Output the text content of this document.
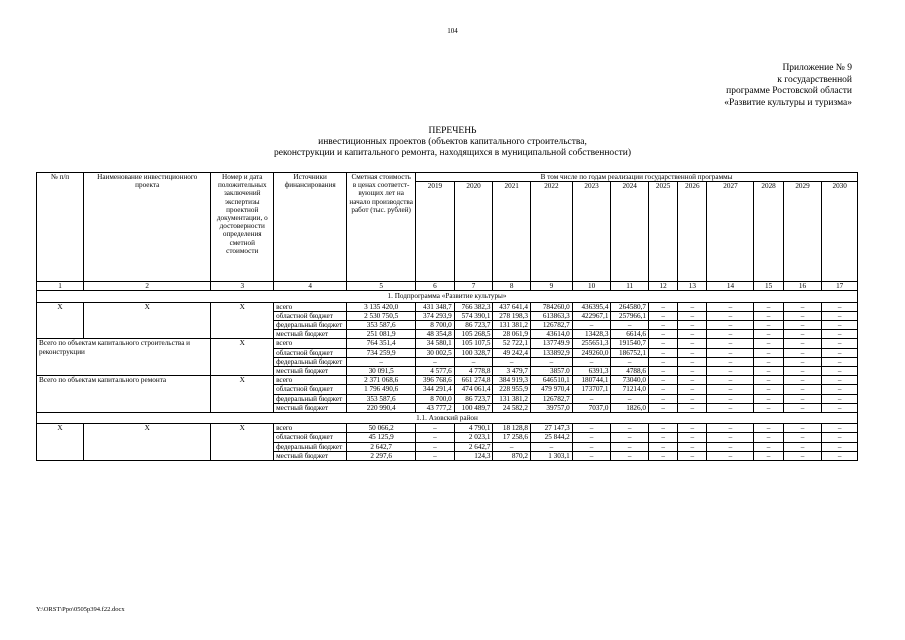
104
Приложение № 9
к государственной
программе Ростовской области
«Развитие культуры и туризма»
ПЕРЕЧЕНЬ
инвестиционных проектов (объектов капитального строительства,
реконструкции и капитального ремонта, находящихся в муниципальной собственности)
№ п/п	Наименование инвестиционного проекта	Номер и дата положительных заключений экспертизы проектной документации, о достоверности определения сметной стоимости	Источники финансирования	Сметная стоимость в ценах соответст-вующих лет на начало производства работ (тыс. рублей)	В том числе по годам реализации государственной программы											
					2019	2020	2021	2022	2023	2024	2025	2026	2027	2028	2029	2030
1	2	3	4	5	6	7	8	9	10	11	12	13	14	15	16	17
1. Подпрограмма «Развитие культуры»																
X	X	X	всего	3 135 420,0	431 348,7	766 382,3	437 641,4	784260,0	436395,4	264580,7	–	–	–	–	–	–
			областной бюджет	2 530 750,5	374 293,9	574 390,1	278 198,3	613863,3	422967,1	257966,1	–	–	–	–	–	–
			федеральный бюджет	353 587,6	8 700,0	86 723,7	131 381,2	126782,7	–	–	–	–	–	–	–	–
			местный бюджет	251 081,9	48 354,8	105 268,5	28 061,9	43614,0	13428,3	6614,6	–	–	–	–	–	–
Всего по объектам капитального строительства и реконструкции		X	всего	764 351,4	34 580,1	105 107,5	52 722,1	137749.9	255651,3	191540,7	–	–	–	–	–	–
			областной бюджет	734 259,9	30 002,5	100 328,7	49 242,4	133892,9	249260,0	186752,1	–	–	–	–	–	–
			федеральный бюджет	–	–	–	–	–	–	–	–	–	–	–	–	–
			местный бюджет	30 091,5	4 577,6	4 778,8	3 479,7	3857.0	6391,3	4788,6	–	–	–	–	–	–
Всего по объектам капитального ремонта		X	всего	2 371 068,6	396 768,6	661 274,8	384 919,3	646510,1	180744,1	73040,0	–	–	–	–	–	–
			областной бюджет	1 796 490,6	344 291,4	474 061,4	228 955,9	479 970,4	173707,1	71214,0	–	–	–	–	–	–
			федеральный бюджет	353 587,6	8 700,0	86 723,7	131 381,2	126782,7	–	–	–	–	–	–	–	–
			местный бюджет	220 990,4	43 777,2	100 489,7	24 582,2	39757,0	7037,0	1826,0	–	–	–	–	–	–
1.1. Азовский район																
X	X	X	всего	50 066,2	–	4 790,1	18 128,8	27 147,3	–	–	–	–	–	–	–	–
			областной бюджет	45 125,9	–	2 023,1	17 258,6	25 844,2	–	–	–	–	–	–	–	–
			федеральный бюджет	2 642,7	–	2 642,7	–	–	–	–	–	–	–	–	–	–
			местный бюджет	2 297,6	–	124,3	870,2	1 303,1	–	–	–	–	–	–	–	–
Y:\ORST\Ppo\0505p394.f22.docx
